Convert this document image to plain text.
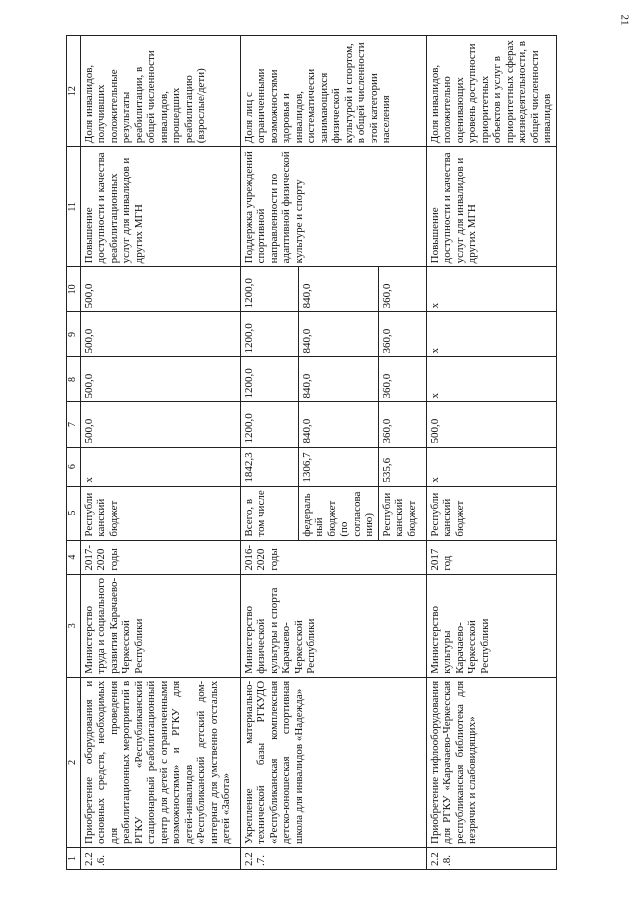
21
1	2	3	4	5	6	7	8	9	10	11	12
2.2.6.	Приобретение оборудования и основных средств, необходимых для проведения реабилитационных мероприятий в РГКУ «Республиканский стационарный реабилитационный центр для детей с ограниченными возможностями» и РГКУ для детей-инвалидов «Республиканский детский дом-интернат для умственно отсталых детей «Забота»	Министерство труда и социального развития Карачаево-Черкесской Республики	2017-2020 годы	Республиканский бюджет	x	500,0	500,0	500,0	500,0	Повышение доступности и качества реабилитационных услуг для инвалидов и других МГН	Доля инвалидов, получивших положительные результаты реабилитации, в общей численности инвалидов, прошедших реабилитацию (взрослые/дети)
2.2.7.	Укрепление материально-технической базы РГКУДО «Республиканская комплексная детско-юношеская спортивная школа для инвалидов «Надежда»	Министерство физической культуры и спорта Карачаево-Черкесской Республики	2016-2020 годы	Всего, в том числе	1842,3	1200,0	1200,0	1200,0	1200,0	Поддержка учреждений спортивной направленности по адаптивной физической культуре и спорту	Доля лиц с ограниченными возможностями здоровья и инвалидов, систематически занимающихся физической культурой и спортом, в общей численности этой категории населения
				федеральный бюджет (по согласованию)	1306,7	840,0	840,0	840,0	840,0		
				Республиканский бюджет	535,6	360,0	360,0	360,0	360,0		
2.2.8.	Приобретение тифлооборудования для РГКУ «Карачаево-Черкесская республиканская библиотека для незрячих и слабовидящих»	Министерство культуры Карачаево-Черкесской Республики	2017 год	Республиканский бюджет	x	500,0	x	x	x	Повышение доступности и качества услуг для инвалидов и других МГН	Доля инвалидов, положительно оценивающих уровень доступности приоритетных объектов и услуг в приоритетных сферах жизнедеятельности, в общей численности инвалидов
